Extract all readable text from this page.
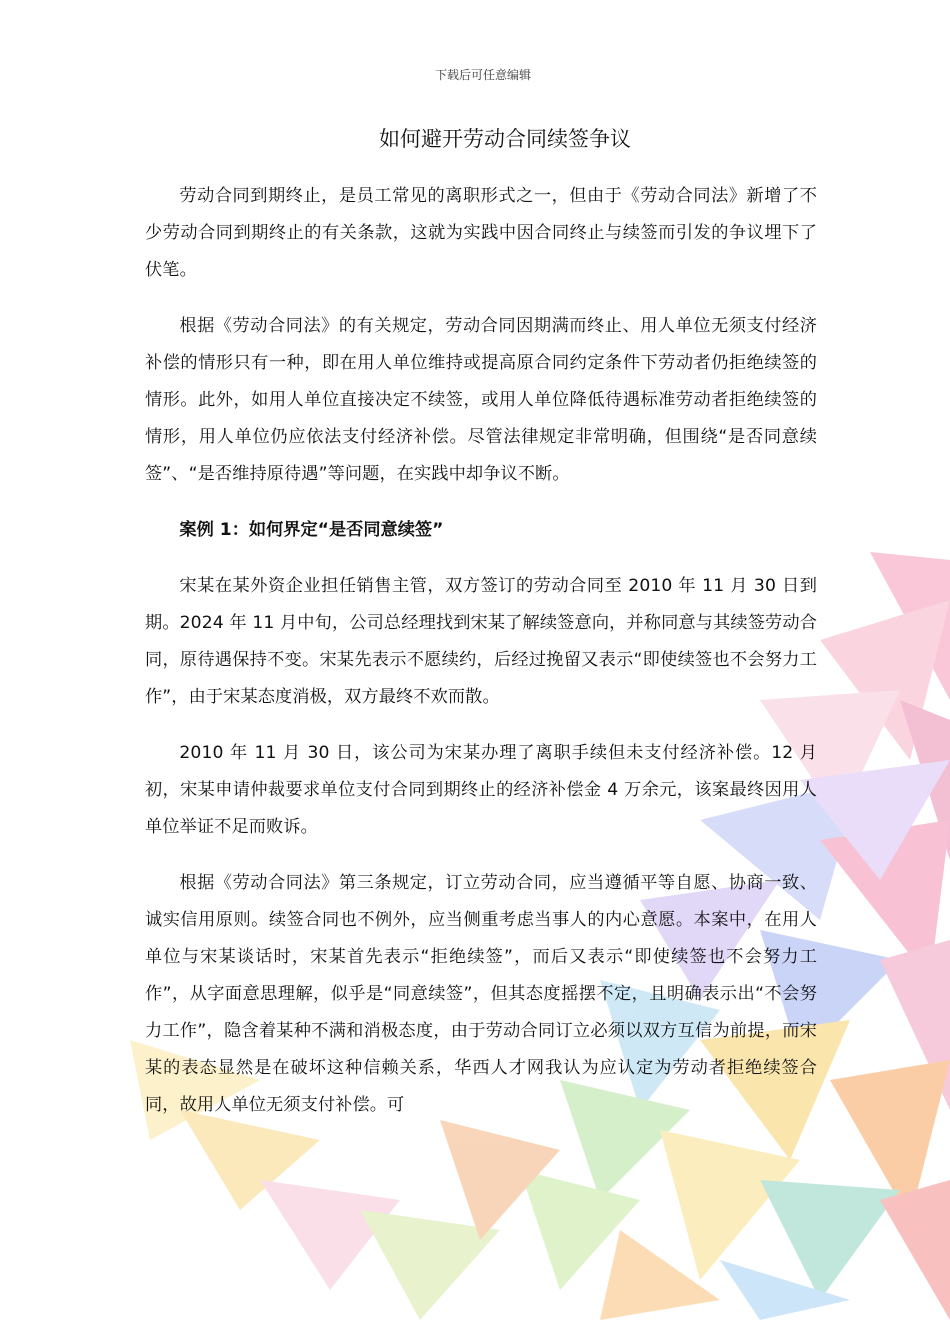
下载后可任意编辑
如何避开劳动合同续签争议

劳动合同到期终止，是员工常见的离职形式之一，但由于《劳动合同法》新增了不少劳动合同到期终止的有关条款，这就为实践中因合同终止与续签而引发的争议埋下了伏笔。

根据《劳动合同法》的有关规定，劳动合同因期满而终止、用人单位无须支付经济补偿的情形只有一种，即在用人单位维持或提高原合同约定条件下劳动者仍拒绝续签的情形。此外，如用人单位直接决定不续签，或用人单位降低待遇标准劳动者拒绝续签的情形，用人单位仍应依法支付经济补偿。尽管法律规定非常明确，但围绕“是否同意续签”、“是否维持原待遇”等问题，在实践中却争议不断。

案例 1：如何界定“是否同意续签”

宋某在某外资企业担任销售主管，双方签订的劳动合同至 2010 年 11 月 30 日到期。2024 年 11 月中旬，公司总经理找到宋某了解续签意向，并称同意与其续签劳动合同，原待遇保持不变。宋某先表示不愿续约，后经过挽留又表示“即使续签也不会努力工作”，由于宋某态度消极，双方最终不欢而散。

2010 年 11 月 30 日，该公司为宋某办理了离职手续但未支付经济补偿。12 月初，宋某申请仲裁要求单位支付合同到期终止的经济补偿金 4 万余元，该案最终因用人单位举证不足而败诉。

根据《劳动合同法》第三条规定，订立劳动合同，应当遵循平等自愿、协商一致、诚实信用原则。续签合同也不例外，应当侧重考虑当事人的内心意愿。本案中，在用人单位与宋某谈话时，宋某首先表示“拒绝续签”，而后又表示“即使续签也不会努力工作”，从字面意思理解，似乎是“同意续签”，但其态度摇摆不定，且明确表示出“不会努力工作”，隐含着某种不满和消极态度，由于劳动合同订立必须以双方互信为前提，而宋某的表态显然是在破坏这种信赖关系，华西人才网我认为应认定为劳动者拒绝续签合同，故用人单位无须支付补偿。可
